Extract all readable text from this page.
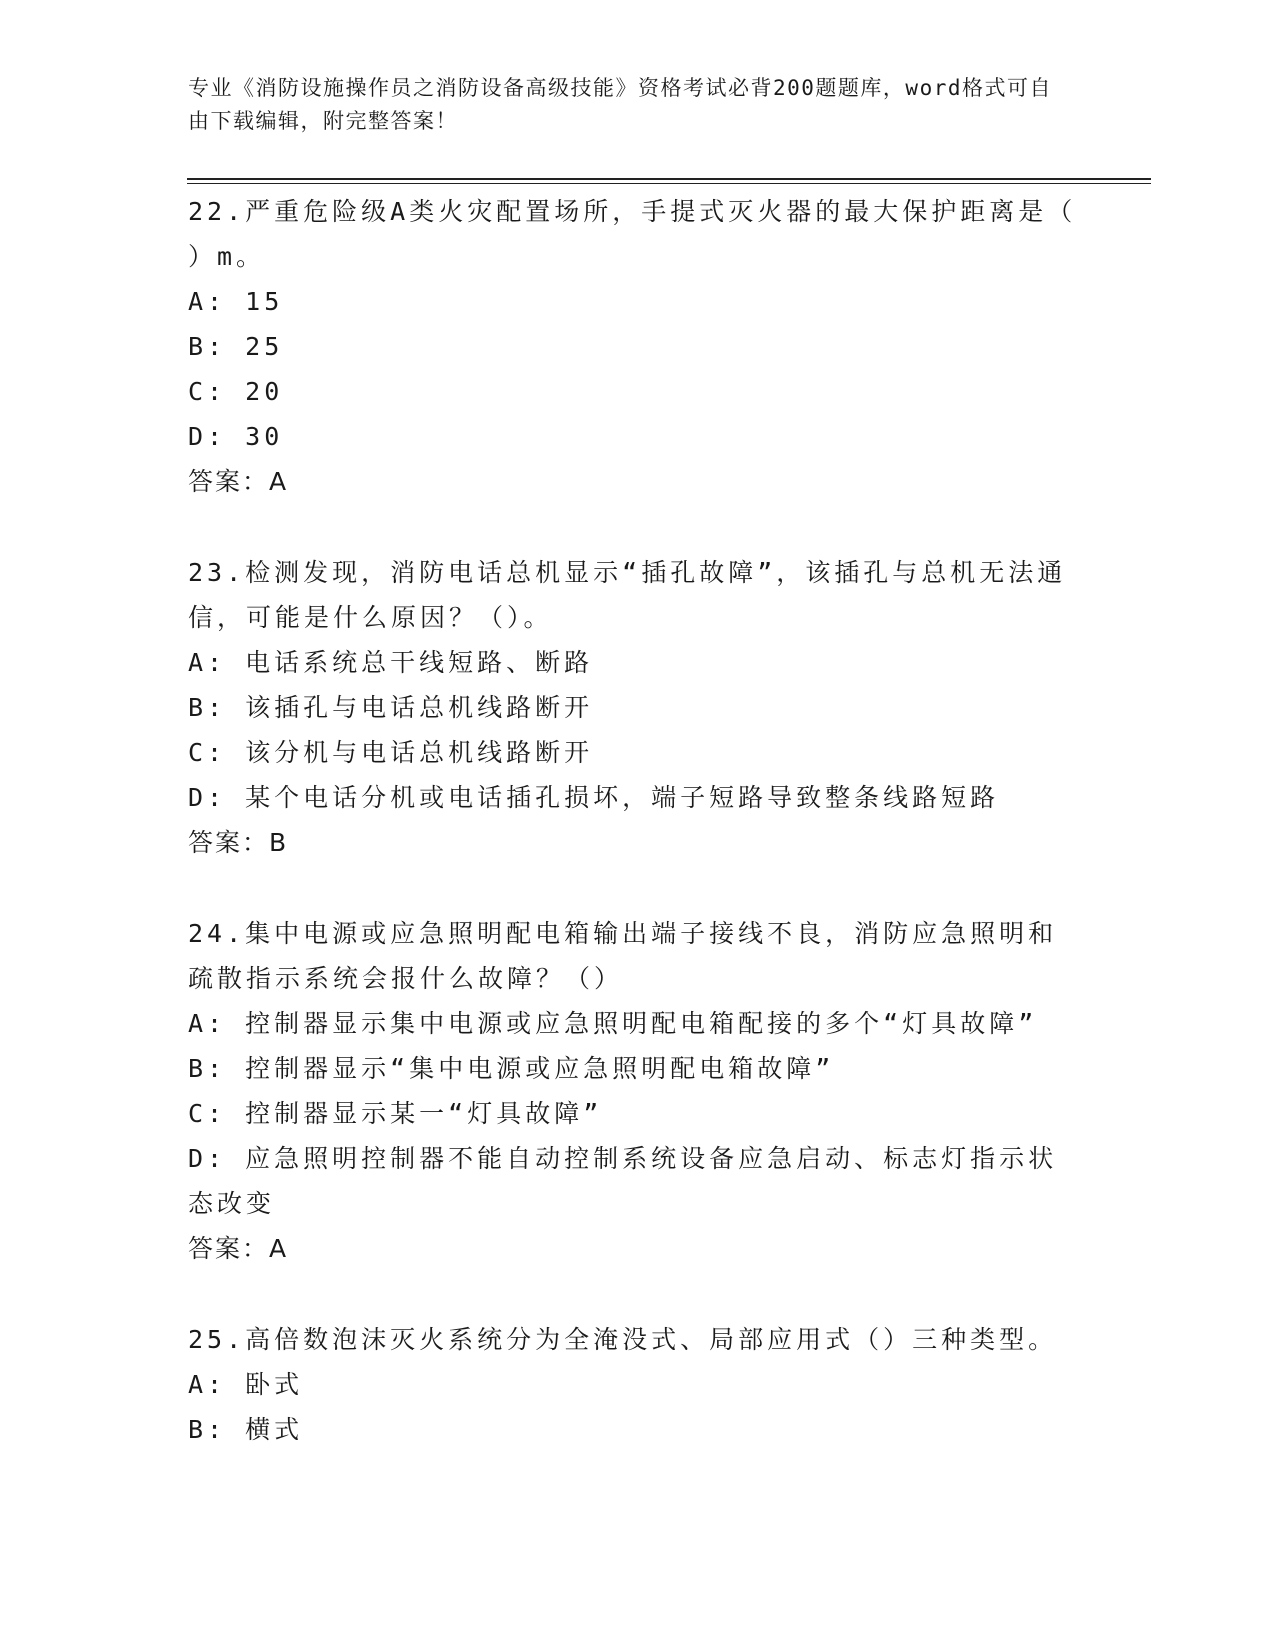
专业《消防设施操作员之消防设备高级技能》资格考试必背200题题库，word格式可自由下载编辑，附完整答案！

22.严重危险级A类火灾配置场所，手提式灭火器的最大保护距离是（ ）m。

A: 15

B: 25

C: 20

D: 30

答案：A

23.检测发现，消防电话总机显示“插孔故障”，该插孔与总机无法通信，可能是什么原因？（）。

A: 电话系统总干线短路、断路

B: 该插孔与电话总机线路断开

C: 该分机与电话总机线路断开

D: 某个电话分机或电话插孔损坏，端子短路导致整条线路短路

答案：B

24.集中电源或应急照明配电箱输出端子接线不良，消防应急照明和疏散指示系统会报什么故障？（）

A: 控制器显示集中电源或应急照明配电箱配接的多个“灯具故障”

B: 控制器显示“集中电源或应急照明配电箱故障”

C: 控制器显示某一“灯具故障”

D: 应急照明控制器不能自动控制系统设备应急启动、标志灯指示状态改变

答案：A

25.高倍数泡沫灭火系统分为全淹没式、局部应用式（）三种类型。

A: 卧式

B: 横式
